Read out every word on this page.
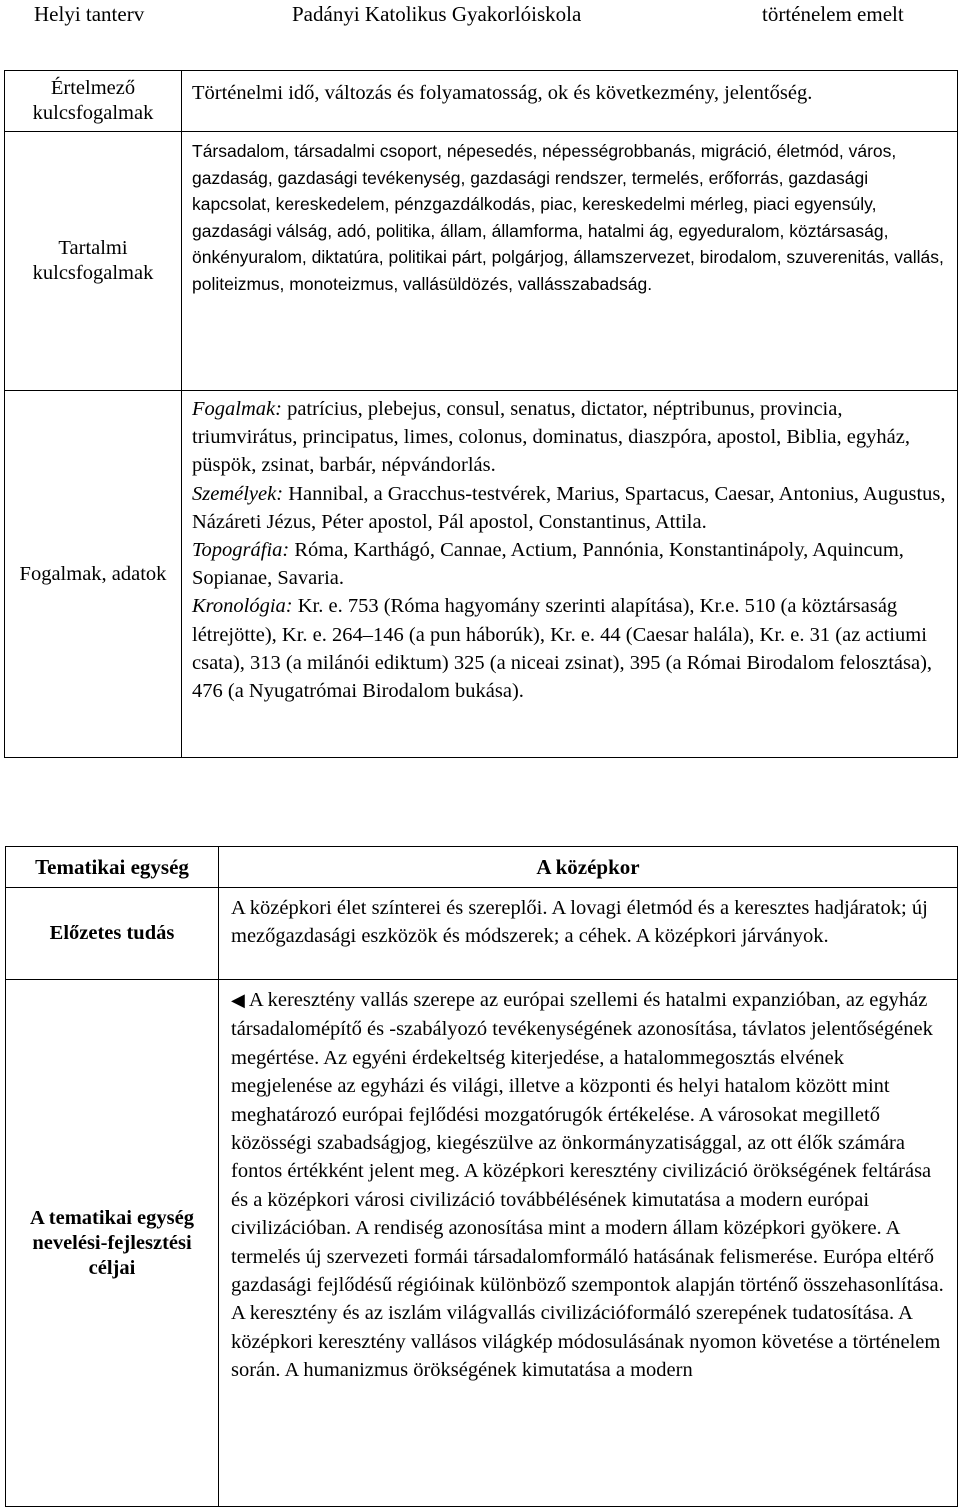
Helyi tanterv	Padányi Katolikus Gyakorlóiskola	történelem emelt
Értelmező kulcsfogalmak	Történelmi idő, változás és folyamatosság, ok és következmény, jelentőség.
Tartalmi kulcsfogalmak	Társadalom, társadalmi csoport, népesedés, népességrobbanás, migráció, életmód, város, gazdaság, gazdasági tevékenység, gazdasági rendszer, termelés, erőforrás, gazdasági kapcsolat, kereskedelem, pénzgazdálkodás, piac, kereskedelmi mérleg, piaci egyensúly, gazdasági válság, adó, politika, állam, államforma, hatalmi ág, egyeduralom, köztársaság, önkényuralom, diktatúra, politikai párt, polgárjog, államszervezet, birodalom, szuverenitás, vallás, politeizmus, monoteizmus, vallásüldözés, vallásszabadság.
Fogalmak, adatok	Fogalmak: patrícius, plebejus, consul, senatus, dictator, néptribunus, provincia, triumvirátus, principatus, limes, colonus, dominatus, diaszpóra, apostol, Biblia, egyház, püspök, zsinat, barbár, népvándorlás.

Személyek: Hannibal, a Gracchus-testvérek, Marius, Spartacus, Caesar, Antonius, Augustus, Názáreti Jézus, Péter apostol, Pál apostol, Constantinus, Attila.

Topográfia: Róma, Karthágó, Cannae, Actium, Pannónia, Konstantinápoly, Aquincum, Sopianae, Savaria.

Kronológia: Kr. e. 753 (Róma hagyomány szerinti alapítása), Kr.e. 510 (a köztársaság létrejötte), Kr. e. 264–146 (a pun háborúk), Kr. e. 44 (Caesar halála), Kr. e. 31 (az actiumi csata), 313 (a milánói ediktum) 325 (a niceai zsinat), 395 (a Római Birodalom felosztása), 476 (a Nyugatrómai Birodalom bukása).

Tematikai egység	A középkor
Előzetes tudás	A középkori élet színterei és szereplői. A lovagi életmód és a keresztes hadjáratok; új mezőgazdasági eszközök és módszerek; a céhek. A középkori járványok.
A tematikai egység nevelési-fejlesztési céljai	◀ A keresztény vallás szerepe az európai szellemi és hatalmi expanzióban, az egyház társadalomépítő és -szabályozó tevékenységének azonosítása, távlatos jelentőségének megértése. Az egyéni érdekeltség kiterjedése, a hatalommegosztás elvének megjelenése az egyházi és világi, illetve a központi és helyi hatalom között mint meghatározó európai fejlődési mozgatórugók értékelése. A városokat megillető közösségi szabadságjog, kiegészülve az önkormányzatisággal, az ott élők számára fontos értékként jelent meg. A középkori keresztény civilizáció örökségének feltárása és a középkori városi civilizáció továbbélésének kimutatása a modern európai civilizációban. A rendiség azonosítása mint a modern állam középkori gyökere. A termelés új szervezeti formái társadalomformáló hatásának felismerése. Európa eltérő gazdasági fejlődésű régióinak különböző szempontok alapján történő összehasonlítása. A keresztény és az iszlám világvallás civilizációformáló szerepének tudatosítása. A középkori keresztény vallásos világkép módosulásának nyomon követése a történelem során. A humanizmus örökségének kimutatása a modern
